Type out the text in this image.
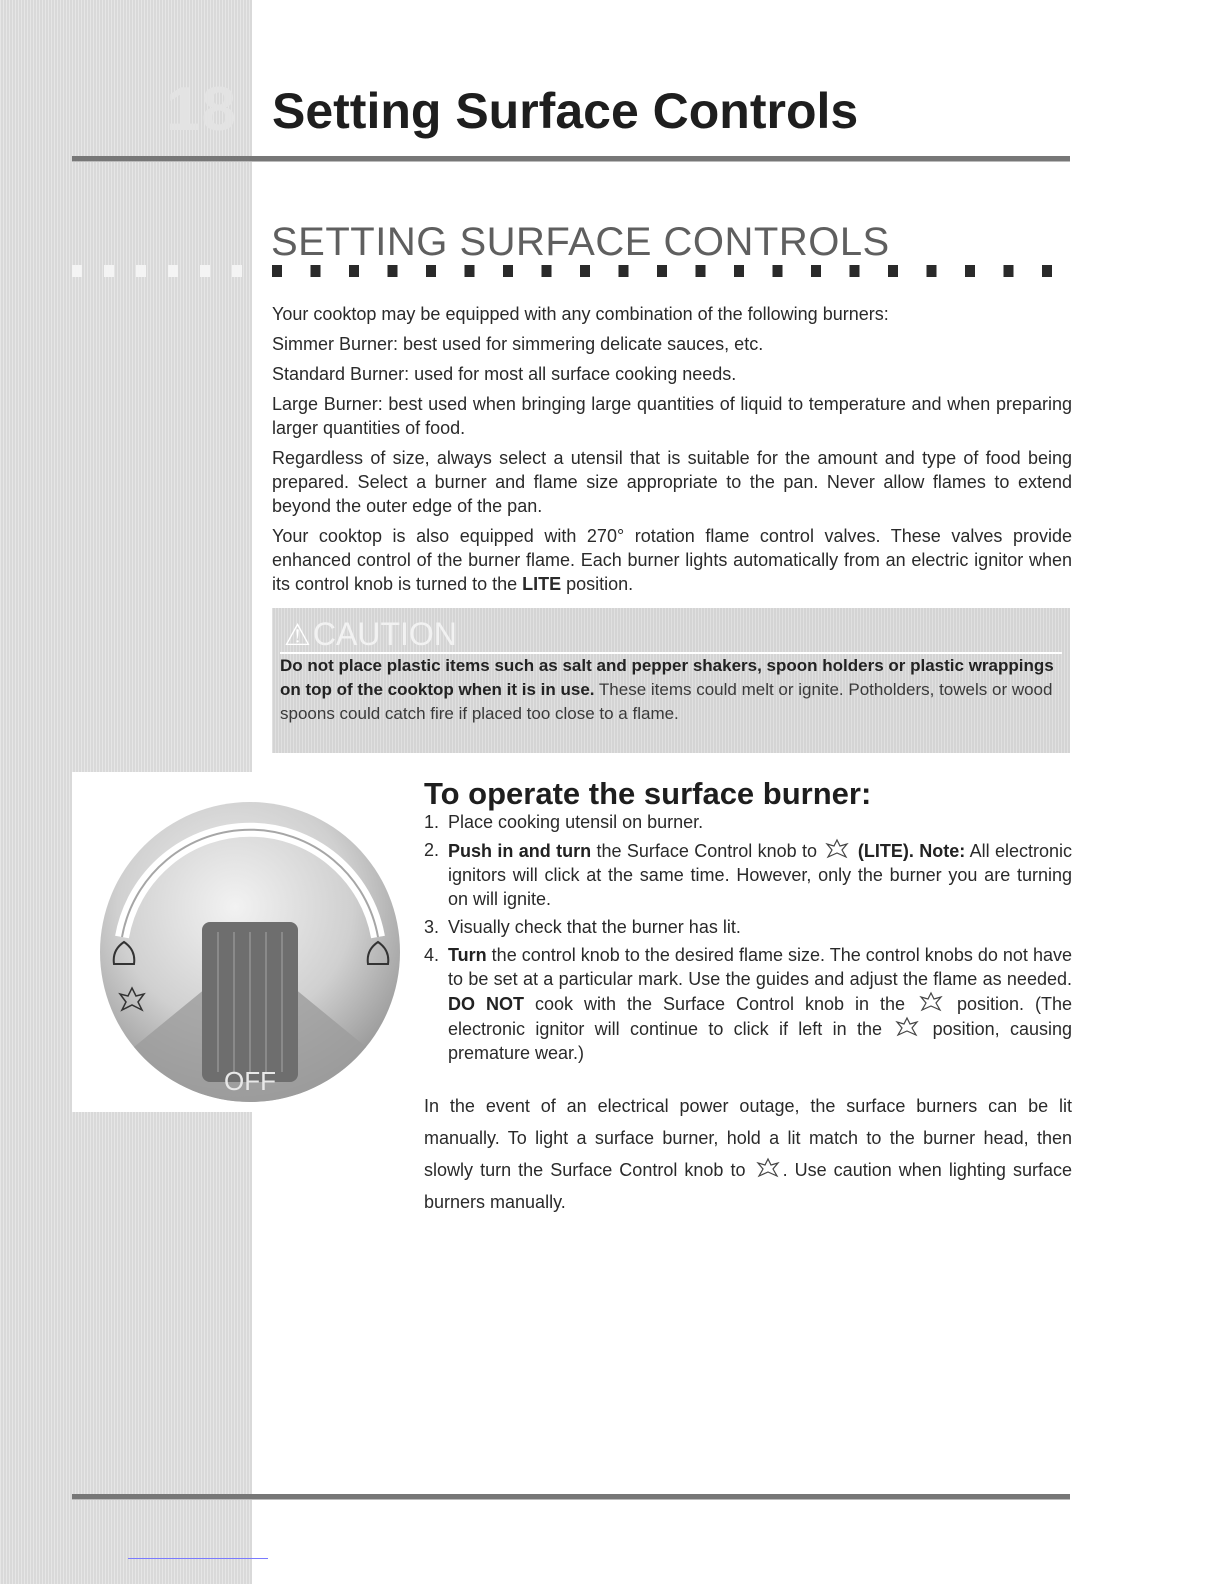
18 Setting Surface Controls
SETTING SURFACE CONTROLS

Your cooktop may be equipped with any combination of the following burners:

Simmer Burner: best used for simmering delicate sauces, etc.

Standard Burner: used for most all surface cooking needs.

Large Burner: best used when bringing large quantities of liquid to temperature and when preparing larger quantities of food.

Regardless of size, always select a utensil that is suitable for the amount and type of food being prepared. Select a burner and flame size appropriate to the pan. Never allow flames to extend beyond the outer edge of the pan.

Your cooktop is also equipped with 270° rotation flame control valves. These valves provide enhanced control of the burner flame. Each burner lights automatically from an electric ignitor when its control knob is turned to the LITE position.

⚠CAUTION
Do not place plastic items such as salt and pepper shakers, spoon holders or plastic wrappings on top of the cooktop when it is in use. These items could melt or ignite. Potholders, towels or wood spoons could catch fire if placed too close to a flame.
OFF
To operate the surface burner:
1. Place cooking utensil on burner.
2. Push in and turn the Surface Control knob to  (LITE). Note: All electronic ignitors will click at the same time. However, only the burner you are turning on will ignite.
3. Visually check that the burner has lit.
4. Turn the control knob to the desired flame size. The control knobs do not have to be set at a particular mark. Use the guides and adjust the flame as needed. DO NOT cook with the Surface Control knob in the  position. (The electronic ignitor will continue to click if left in the  position, causing premature wear.)

In the event of an electrical power outage, the surface burners can be lit manually. To light a surface burner, hold a lit match to the burner head, then slowly turn the Surface Control knob to . Use caution when lighting surface burners manually.
